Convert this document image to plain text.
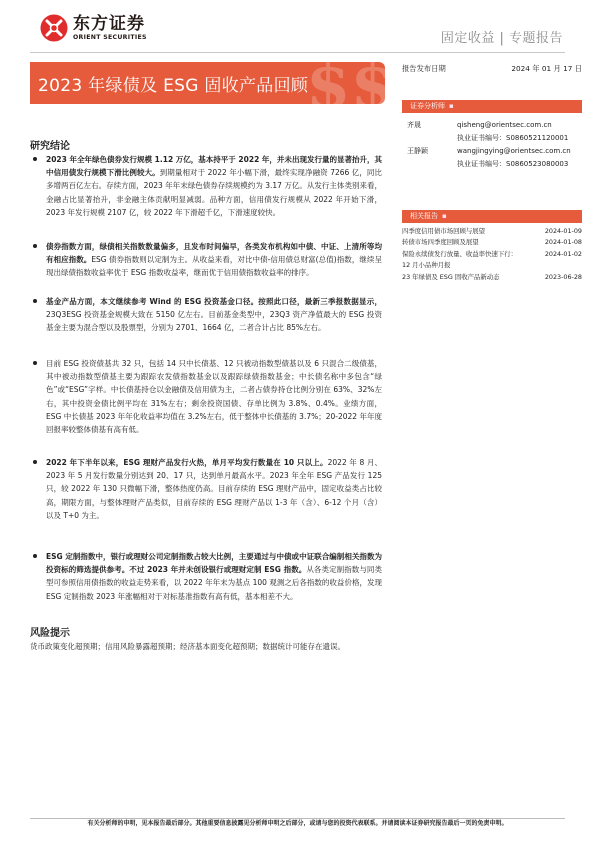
东方证券
ORIENT SECURITIES	固定收益 | 专题报告
$$
2023 年绿债及 ESG 固收产品回顾
报告发布日期	2024 年 01 月 17 日
证券分析师 ▪
齐晟	qisheng@orientsec.com.cn
执业证书编号：S0860521120001
王静颖	wangjingying@orientsec.com.cn
执业证书编号：S0860523080003
相关报告 ▪
四季度信用债市场回顾与展望	2024-01-09
转债市场四季度回顾及展望	2024-01-08
保险永续债发行放量、收益率快速下行：	2024-01-02
12 月小品种月报
23 年绿债及 ESG 固收产品新动态	2023-06-28
研究结论
2023 年全年绿色债券发行规模 1.12 万亿，基本持平于 2022 年，并未出现发行量的显著抬升，其中信用债发行规模下滑比例较大。到期量相对于 2022 年小幅下滑，最终实现净融资 7266 亿，同比多增两百亿左右。存续方面，2023 年年末绿色债券存续规模约为 3.17 万亿。从发行主体类别来看，金融占比显著抬升，非金融主体贡献明显减弱。品种方面，信用债发行规模从 2022 年开始下滑，2023 年发行规模 2107 亿，较 2022 年下滑超千亿，下滑速度较快。
债券指数方面，绿债相关指数数量偏多，且发布时间偏早，各类发布机构如中债、中证、上清所等均有相应指数。ESG 债券指数则以定制为主。从收益来看，对比中债-信用债总财富(总值)指数，继续呈现出绿债指数收益率优于 ESG 指数收益率，继而优于信用债指数收益率的排序。
基金产品方面，本文继续参考 Wind 的 ESG 投资基金口径。按照此口径，最新三季报数据显示，23Q3ESG 投资基金规模大致在 5150 亿左右。目前基金类型中，23Q3 资产净值最大的 ESG 投资基金主要为混合型以及股票型，分别为 2701、1664 亿，二者合计占比 85%左右。
目前 ESG 投资债基共 32 只，包括 14 只中长债基、12 只被动指数型债基以及 6 只混合二级债基，其中被动指数型债基主要为跟踪农发债指数基金以及跟踪绿债指数基金；中长债名称中多包含“绿色”或“ESG”字样。中长债基持仓以金融债及信用债为主，二者占债券持仓比例分别在 63%、32%左右，其中投资金债比例平均在 31%左右；剩余投资国债、存单比例为 3.8%、0.4%。业绩方面，ESG 中长债基 2023 年年化收益率均值在 3.2%左右，低于整体中长债基的 3.7%；20-2022 年年度回报率较整体债基有高有低。
2022 年下半年以来，ESG 理财产品发行火热，单月平均发行数量在 10 只以上。2022 年 8 月、2023 年 5 月发行数量分别达到 20、17 只，达到单月最高水平。2023 年全年 ESG 产品发行 125 只，较 2022 年 130 只微幅下滑，整体热度仍高。目前存续的 ESG 理财产品中，固定收益类占比较高，期限方面，与整体理财产品类似，目前存续的 ESG 理财产品以 1-3 年（含）、6-12 个月（含）以及 T+0 为主。
ESG 定制指数中，银行或理财公司定制指数占较大比例，主要通过与中债或中证联合编制相关指数为投资标的筛选提供参考。不过 2023 年并未创设银行或理财定制 ESG 指数。从各类定制指数与同类型可参照信用债指数的收益走势来看，以 2022 年年末为基点 100 观测之后各指数的收益价格，发现 ESG 定制指数 2023 年涨幅相对于对标基准指数有高有低，基本相差不大。
风险提示
货币政策变化超预期；信用风险暴露超预期；经济基本面变化超预期；数据统计可能存在遗误。
有关分析师的申明，见本报告最后部分。其他重要信息披露见分析师申明之后部分，或请与您的投资代表联系。并请阅读本证券研究报告最后一页的免责申明。
